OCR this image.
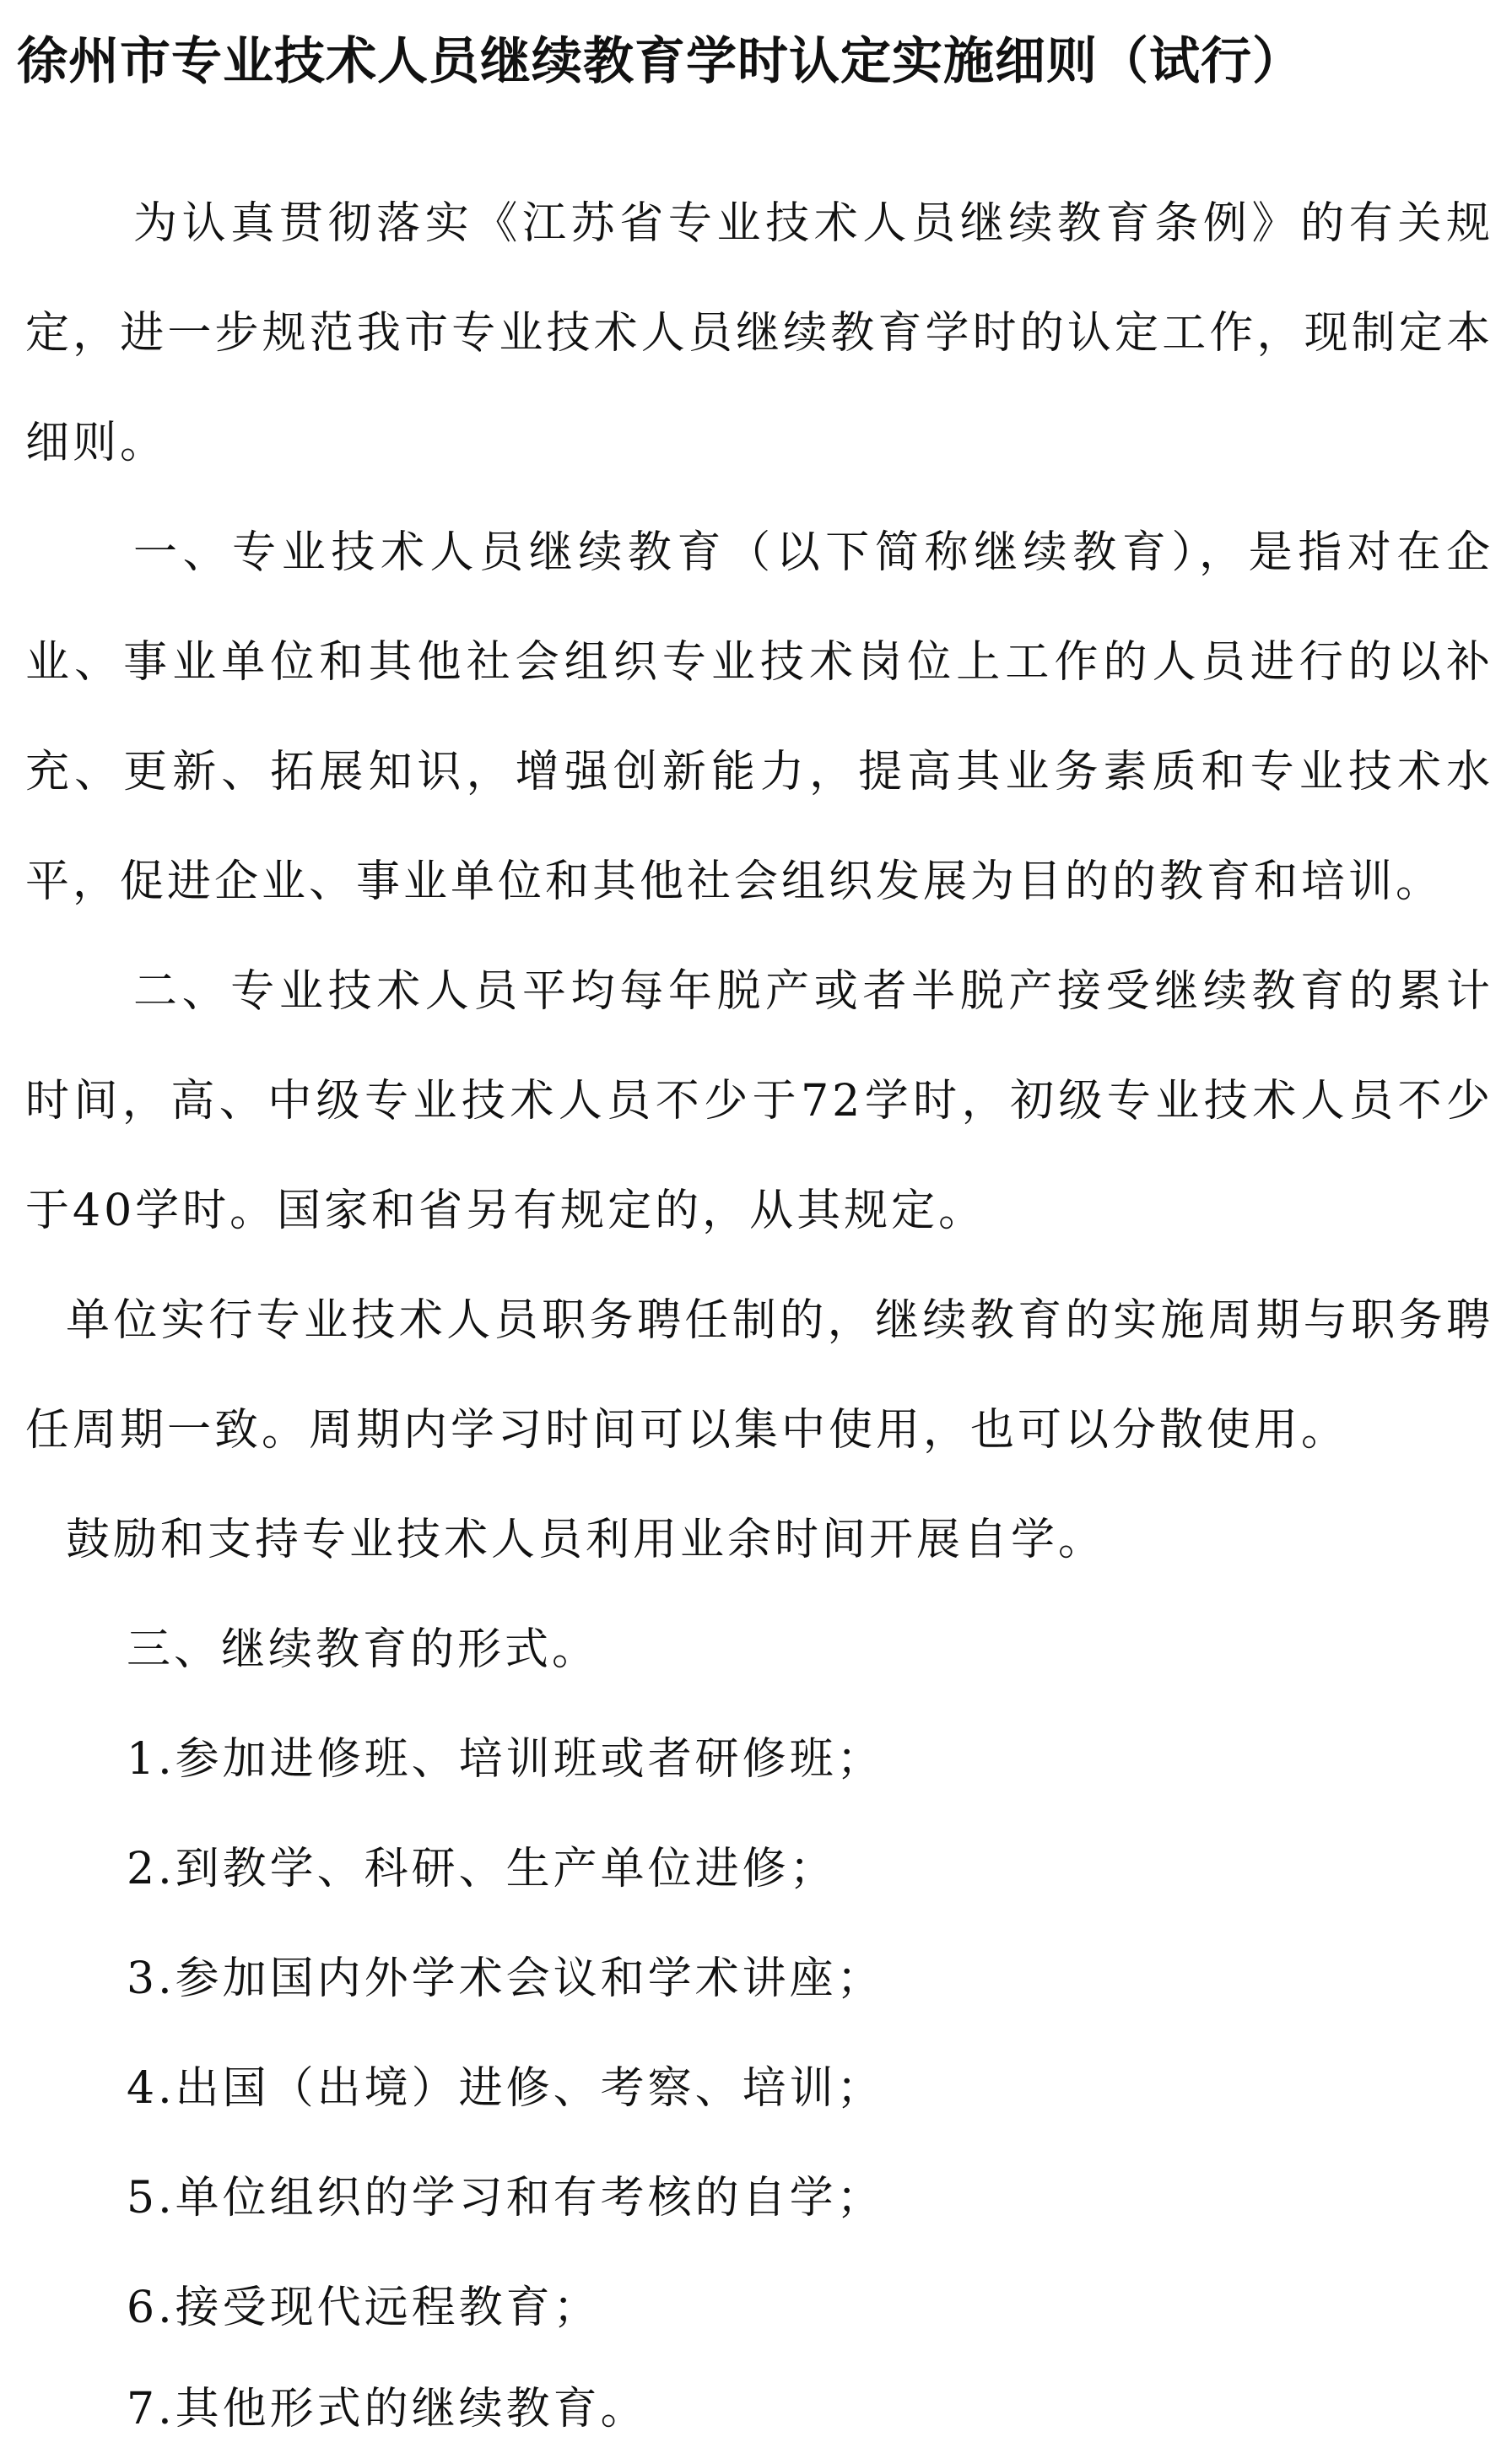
徐州市专业技术人员继续教育学时认定实施细则（试行）

为认真贯彻落实《江苏省专业技术人员继续教育条例》的有关规定，进一步规范我市专业技术人员继续教育学时的认定工作，现制定本细则。

一、专业技术人员继续教育（以下简称继续教育），是指对在企业、事业单位和其他社会组织专业技术岗位上工作的人员进行的以补充、更新、拓展知识，增强创新能力，提高其业务素质和专业技术水平，促进企业、事业单位和其他社会组织发展为目的的教育和培训。

二、专业技术人员平均每年脱产或者半脱产接受继续教育的累计时间，高、中级专业技术人员不少于72学时，初级专业技术人员不少于40学时。国家和省另有规定的，从其规定。

单位实行专业技术人员职务聘任制的，继续教育的实施周期与职务聘任周期一致。周期内学习时间可以集中使用，也可以分散使用。

鼓励和支持专业技术人员利用业余时间开展自学。

三、继续教育的形式。

1.参加进修班、培训班或者研修班；

2.到教学、科研、生产单位进修；

3.参加国内外学术会议和学术讲座；

4.出国（出境）进修、考察、培训；

5.单位组织的学习和有考核的自学；

6.接受现代远程教育；

7.其他形式的继续教育。
